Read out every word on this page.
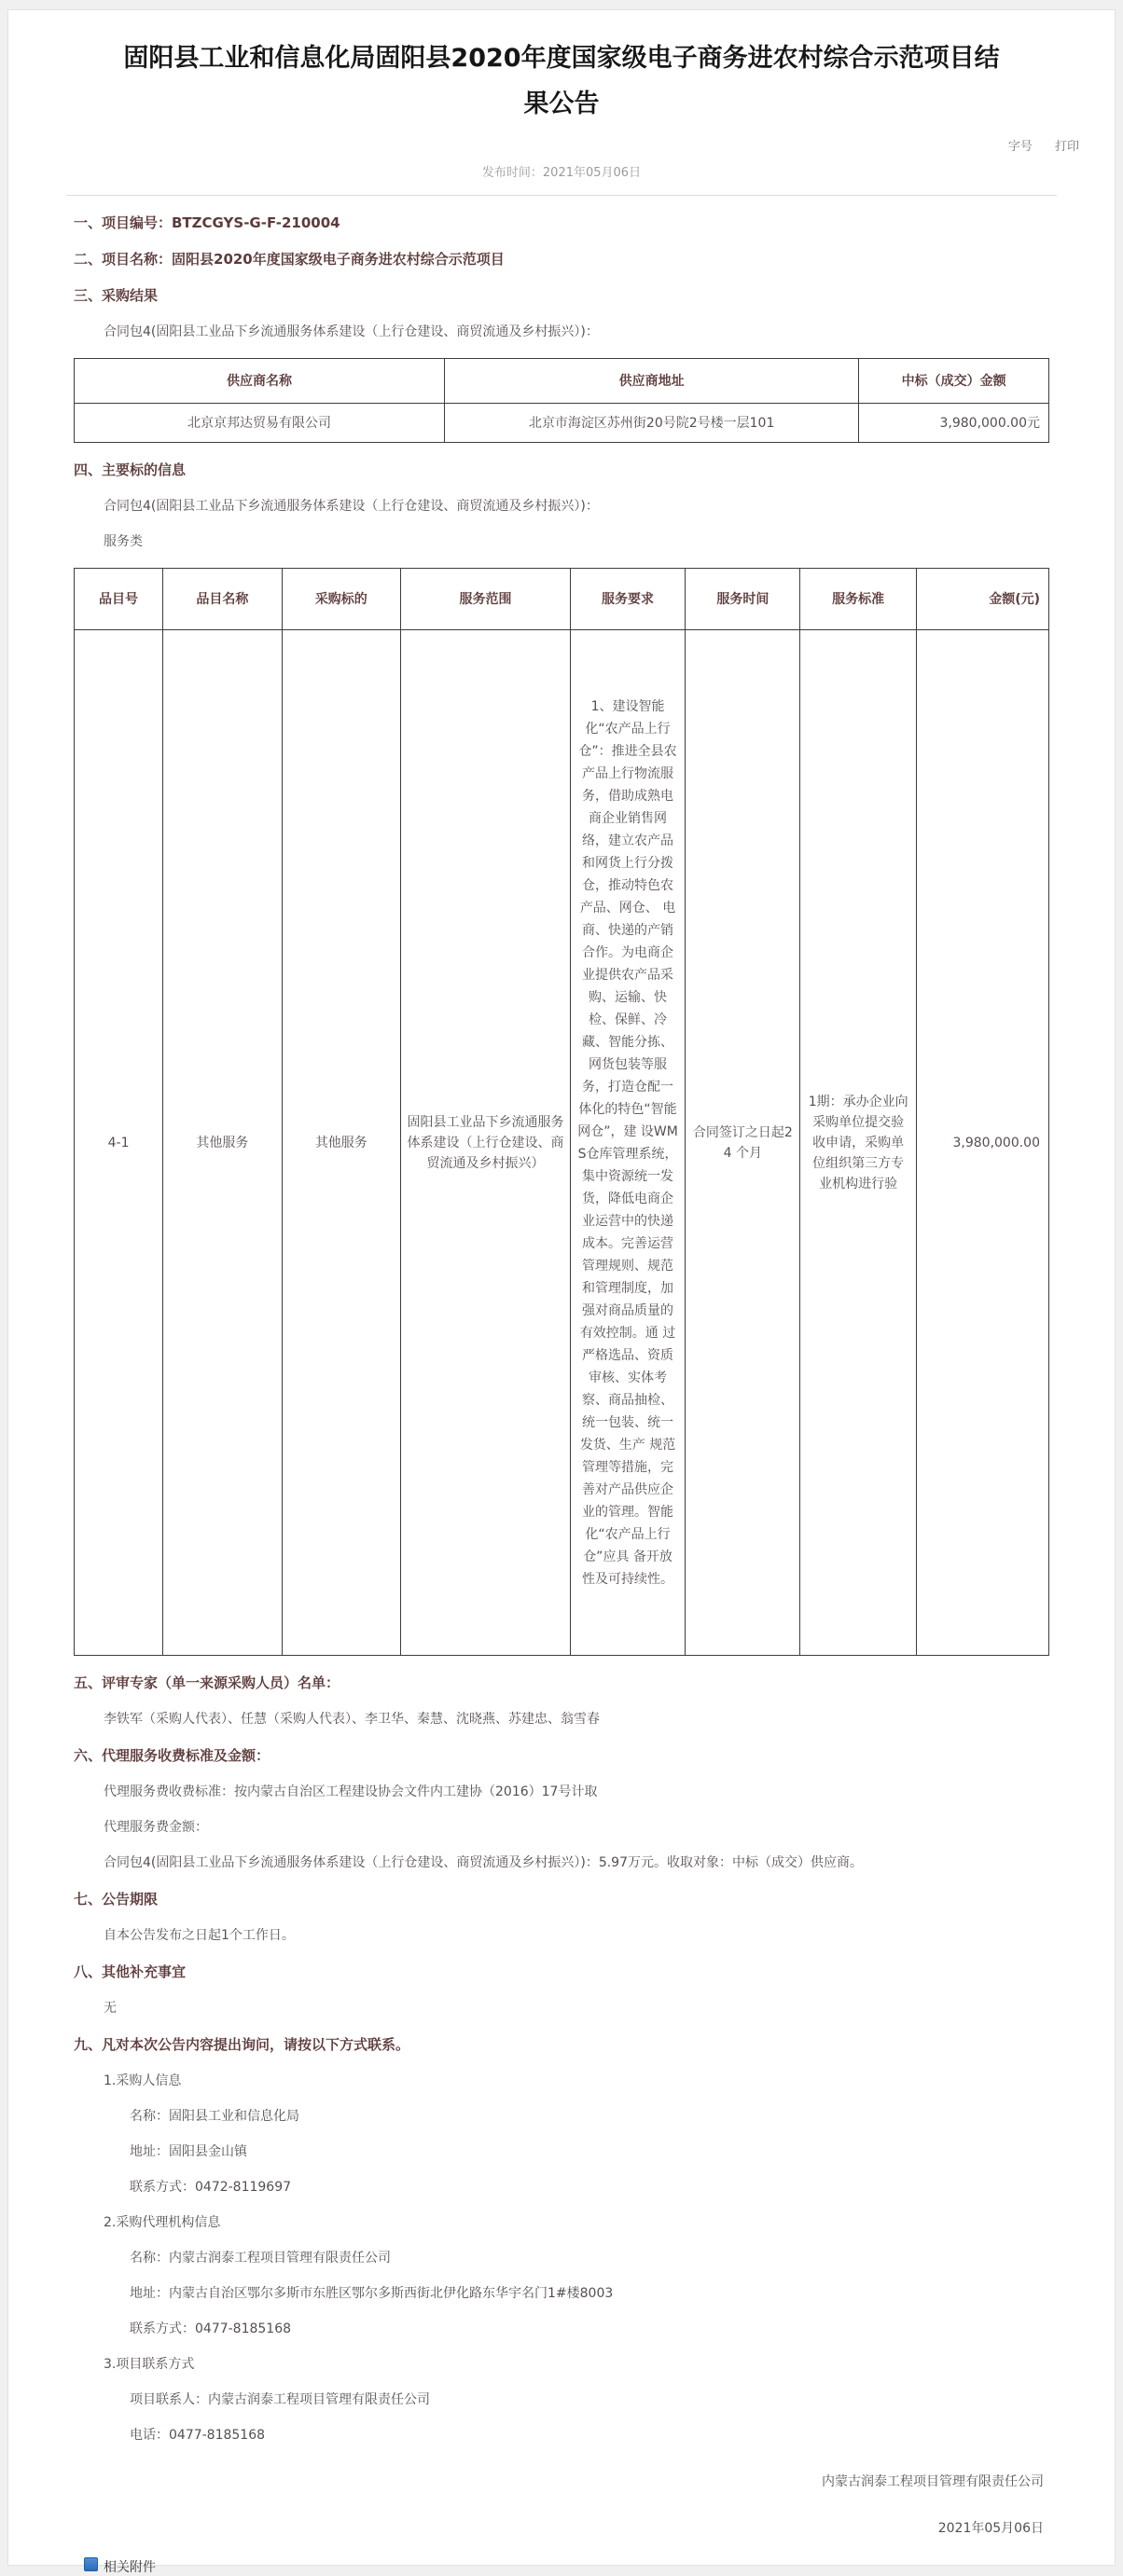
固阳县工业和信息化局固阳县2020年度国家级电子商务进农村综合示范项目结果公告
字号 打印
发布时间：2021年05月06日
一、项目编号：BTZCGYS-G-F-210004
二、项目名称：固阳县2020年度国家级电子商务进农村综合示范项目
三、采购结果
合同包4(固阳县工业品下乡流通服务体系建设（上行仓建设、商贸流通及乡村振兴）)：
供应商名称	供应商地址	中标（成交）金额
北京京邦达贸易有限公司	北京市海淀区苏州街20号院2号楼一层101	3,980,000.00元
四、主要标的信息
合同包4(固阳县工业品下乡流通服务体系建设（上行仓建设、商贸流通及乡村振兴）)：
服务类
品目号	品目名称	采购标的	服务范围	服务要求	服务时间	服务标准	金额(元)
4-1	其他服务	其他服务	固阳县工业品下乡流通服务体系建设（上行仓建设、商贸流通及乡村振兴）	1、建设智能化“农产品上行仓”：推进全县农产品上行物流服务，借助成熟电 商企业销售网络，建立农产品和网货上行分拨仓，推动特色农产品、网仓、 电商、快递的产销合作。为电商企业提供农产品采购、运输、快检、保鲜、冷藏、智能分拣、网货包装等服务，打造仓配一体化的特色“智能网仓”，建 设WMS仓库管理系统，集中资源统一发货，降低电商企业运营中的快递成本。完善运营管理规则、规范和管理制度，加强对商品质量的有效控制。通 过严格选品、资质审核、实体考察、商品抽检、统一包装、统一发货、生产 规范管理等措施，完善对产品供应企业的管理。智能化“农产品上行仓”应具 备开放性及可持续性。	合同签订之日起2 4 个月	1期：承办企业向采购单位提交验收申请，采购单位组织第三方专业机构进行验	3,980,000.00
五、评审专家（单一来源采购人员）名单：
李铁军（采购人代表）、任慧（采购人代表）、李卫华、秦慧、沈晓燕、苏建忠、翁雪春
六、代理服务收费标准及金额：
代理服务费收费标准：按内蒙古自治区工程建设协会文件内工建协（2016）17号计取
代理服务费金额：
合同包4(固阳县工业品下乡流通服务体系建设（上行仓建设、商贸流通及乡村振兴）)：5.97万元。收取对象：中标（成交）供应商。
七、公告期限
自本公告发布之日起1个工作日。
八、其他补充事宜
无
九、凡对本次公告内容提出询问，请按以下方式联系。
1.采购人信息
名称：固阳县工业和信息化局
地址：固阳县金山镇
联系方式：0472-8119697
2.采购代理机构信息
名称：内蒙古润泰工程项目管理有限责任公司
地址：内蒙古自治区鄂尔多斯市东胜区鄂尔多斯西街北伊化路东华宇名门1#楼8003
联系方式：0477-8185168
3.项目联系方式
项目联系人：内蒙古润泰工程项目管理有限责任公司
电话：0477-8185168
内蒙古润泰工程项目管理有限责任公司
2021年05月06日
相关附件
